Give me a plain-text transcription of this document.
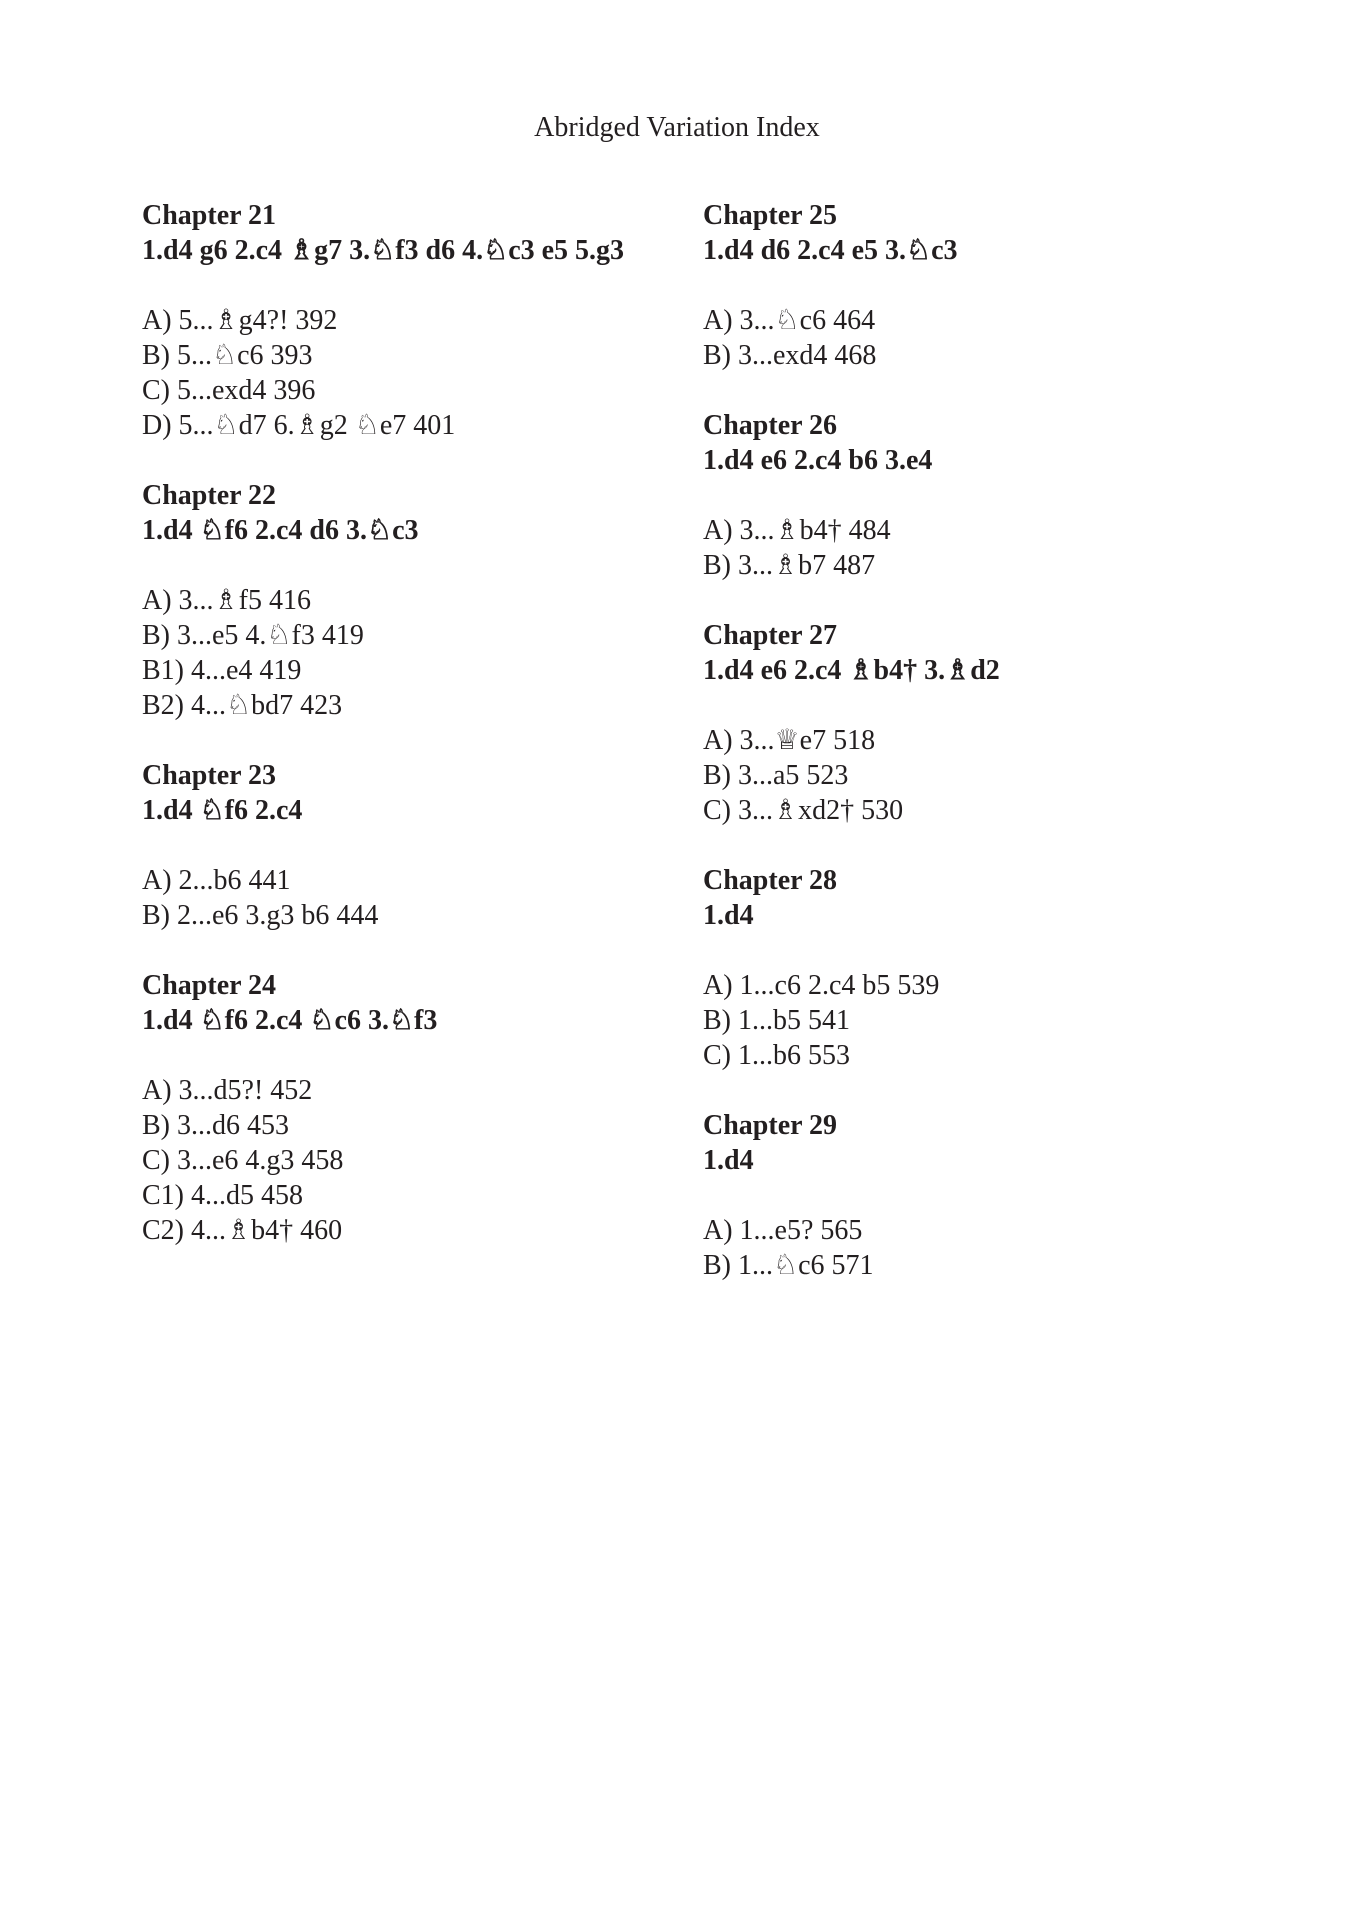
Abridged Variation Index
Chapter 21
1.d4 g6 2.c4 ♗g7 3.♘f3 d6 4.♘c3 e5 5.g3
A) 5...♗g4?! 392
B) 5...♘c6 393
C) 5...exd4 396
D) 5...♘d7 6.♗g2 ♘e7 401
Chapter 22
1.d4 ♘f6 2.c4 d6 3.♘c3
A) 3...♗f5 416
B) 3...e5 4.♘f3 419
B1) 4...e4 419
B2) 4...♘bd7 423
Chapter 23
1.d4 ♘f6 2.c4
A) 2...b6 441
B) 2...e6 3.g3 b6 444
Chapter 24
1.d4 ♘f6 2.c4 ♘c6 3.♘f3
A) 3...d5?! 452
B) 3...d6 453
C) 3...e6 4.g3 458
C1) 4...d5 458
C2) 4...♗b4† 460
Chapter 25
1.d4 d6 2.c4 e5 3.♘c3
A) 3...♘c6 464
B) 3...exd4 468
Chapter 26
1.d4 e6 2.c4 b6 3.e4
A) 3...♗b4† 484
B) 3...♗b7 487
Chapter 27
1.d4 e6 2.c4 ♗b4† 3.♗d2
A) 3...♕e7 518
B) 3...a5 523
C) 3...♗xd2† 530
Chapter 28
1.d4
A) 1...c6 2.c4 b5 539
B) 1...b5 541
C) 1...b6 553
Chapter 29
1.d4
A) 1...e5? 565
B) 1...♘c6 571
